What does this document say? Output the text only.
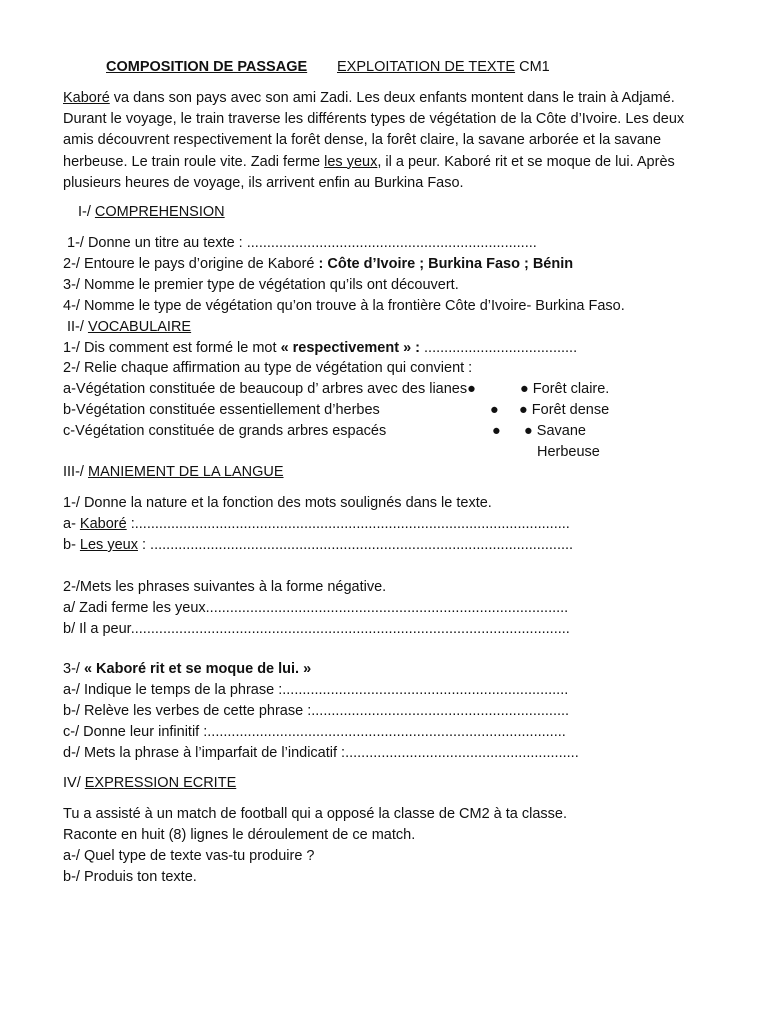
COMPOSITION DE PASSAGE EXPLOITATION DE TEXTE CM1
Kaboré va dans son pays avec son ami Zadi. Les deux enfants montent dans le train à Adjamé.
Durant le voyage, le train traverse les différents types de végétation de la Côte d’Ivoire. Les deux
amis découvrent respectivement la forêt dense, la forêt claire, la savane arborée et la savane
herbeuse. Le train roule vite. Zadi ferme les yeux, il a peur. Kaboré rit et se moque de lui. Après
plusieurs heures de voyage, ils arrivent enfin au Burkina Faso.
I-/ COMPREHENSION
1-/ Donne un titre au texte : ........................................................................
2-/ Entoure le pays d’origine de Kaboré : Côte d’Ivoire ; Burkina Faso ; Bénin
3-/ Nomme le premier type de végétation qu’ils ont découvert.
4-/ Nomme le type de végétation qu’on trouve à la frontière Côte d’Ivoire- Burkina Faso.
II-/ VOCABULAIRE
1-/ Dis comment est formé le mot « respectivement » : ......................................
2-/ Relie chaque affirmation au type de végétation qui convient :
a-Végétation constituée de beaucoup d’ arbres avec des lianes●	● Forêt claire.
b-Végétation constituée essentiellement d’herbes	● ● Forêt dense
c-Végétation constituée de grands arbres espacés	● ● Savane
Herbeuse
III-/ MANIEMENT DE LA LANGUE
1-/ Donne la nature et la fonction des mots soulignés dans le texte.
a- Kaboré :............................................................................................................
b- Les yeux : .........................................................................................................
2-/Mets les phrases suivantes à la forme négative.
a/ Zadi ferme les yeux..........................................................................................
b/ Il a peur.............................................................................................................
3-/ « Kaboré rit et se moque de lui. »
a-/ Indique le temps de la phrase :.......................................................................
b-/ Relève les verbes de cette phrase :................................................................
c-/ Donne leur infinitif :.........................................................................................
d-/ Mets la phrase à l’imparfait de l’indicatif :..........................................................
IV/ EXPRESSION ECRITE
Tu a assisté à un match de football qui a opposé la classe de CM2 à ta classe.
Raconte en huit (8) lignes le déroulement de ce match.
a-/ Quel type de texte vas-tu produire ?
b-/ Produis ton texte.
